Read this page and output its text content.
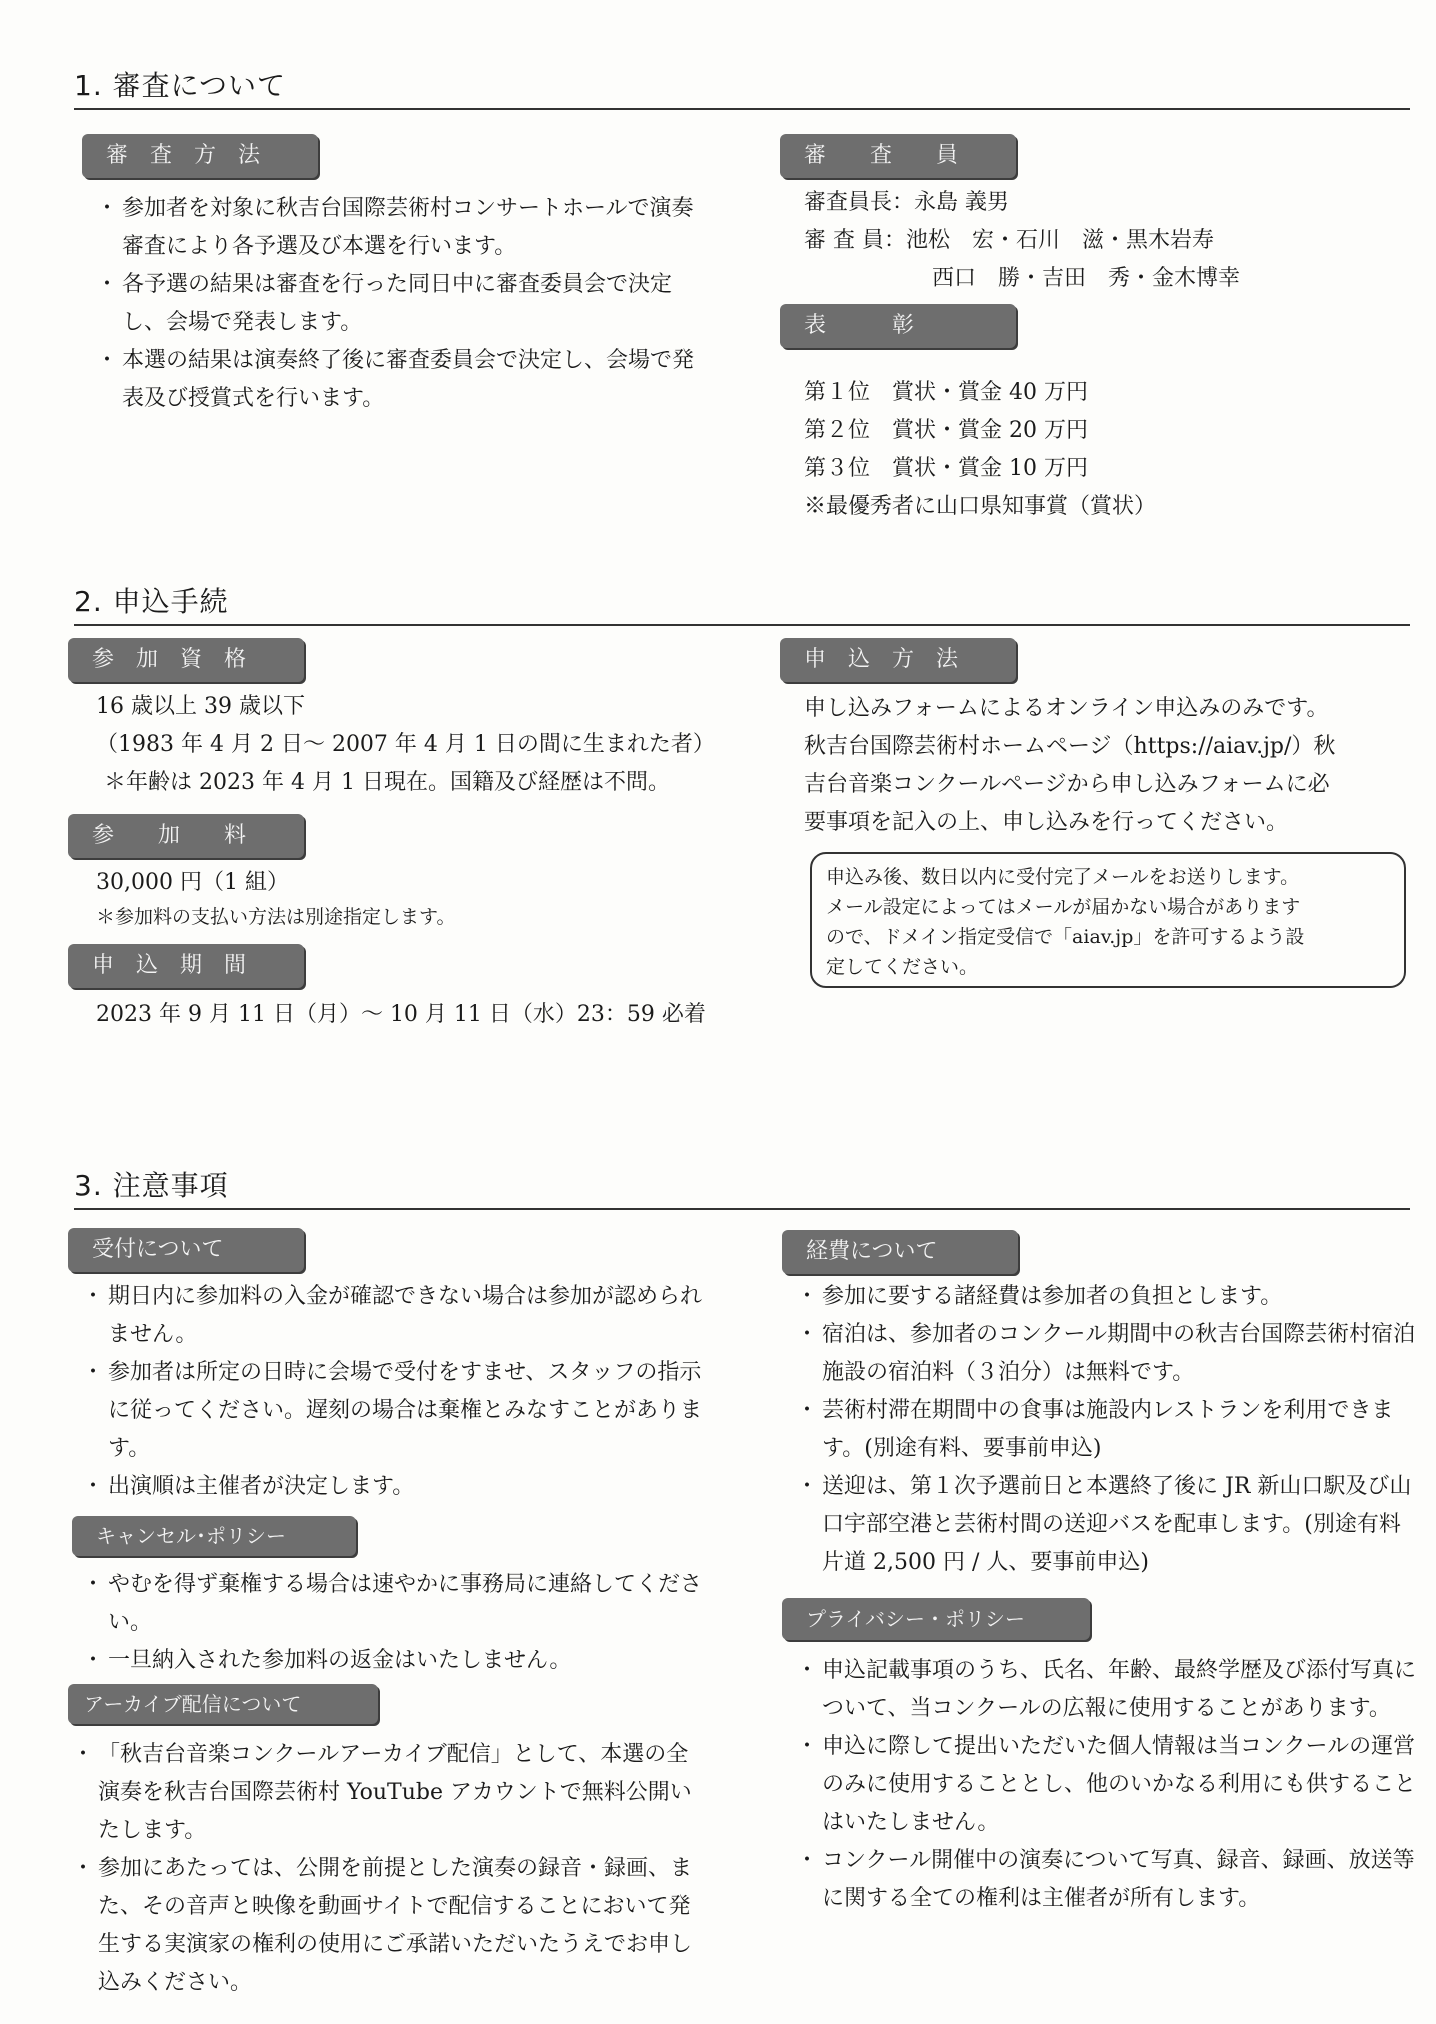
1. 審査について
審　査　方　法
・ 参加者を対象に秋吉台国際芸術村コンサートホールで演奏審査により各予選及び本選を行います。
・ 各予選の結果は審査を行った同日中に審査委員会で決定し、会場で発表します。
・ 本選の結果は演奏終了後に審査委員会で決定し、会場で発表及び授賞式を行います。
審　　査　　員
審査員長：永島 義男
審 査 員：池松　宏・石川　滋・黒木岩寿
西口　勝・吉田　秀・金木博幸
表　　　彰
第１位　賞状・賞金 40 万円
第２位　賞状・賞金 20 万円
第３位　賞状・賞金 10 万円
※最優秀者に山口県知事賞（賞状）
2. 申込手続
参　加　資　格
16 歳以上 39 歳以下
（1983 年 4 月 2 日～ 2007 年 4 月 1 日の間に生まれた者）
＊年齢は 2023 年 4 月 1 日現在。国籍及び経歴は不問。
参　　加　　料
30,000 円（1 組）
＊参加料の支払い方法は別途指定します。
申　込　期　間
2023 年 9 月 11 日（月）～ 10 月 11 日（水）23：59 必着
申　込　方　法
申し込みフォームによるオンライン申込みのみです。
秋吉台国際芸術村ホームページ（https://aiav.jp/）秋
吉台音楽コンクールページから申し込みフォームに必
要事項を記入の上、申し込みを行ってください。
申込み後、数日以内に受付完了メールをお送りします。
メール設定によってはメールが届かない場合があります
ので、ドメイン指定受信で「aiav.jp」を許可するよう設
定してください。
3. 注意事項
受付について
・ 期日内に参加料の入金が確認できない場合は参加が認められません。
・ 参加者は所定の日時に会場で受付をすませ、スタッフの指示に従ってください。遅刻の場合は棄権とみなすことがあります。
・ 出演順は主催者が決定します。
キャンセル･ポリシー
・ やむを得ず棄権する場合は速やかに事務局に連絡してください。
・ 一旦納入された参加料の返金はいたしません。
アーカイブ配信について
・ 「秋吉台音楽コンクールアーカイブ配信」として、本選の全演奏を秋吉台国際芸術村 YouTube アカウントで無料公開いたします。
・ 参加にあたっては、公開を前提とした演奏の録音・録画、また、その音声と映像を動画サイトで配信することにおいて発生する実演家の権利の使用にご承諾いただいたうえでお申し込みください。
経費について
・ 参加に要する諸経費は参加者の負担とします。
・ 宿泊は、参加者のコンクール期間中の秋吉台国際芸術村宿泊施設の宿泊料（３泊分）は無料です。
・ 芸術村滞在期間中の食事は施設内レストランを利用できます。(別途有料、要事前申込)
・ 送迎は、第１次予選前日と本選終了後に JR 新山口駅及び山口宇部空港と芸術村間の送迎バスを配車します。(別途有料　片道 2,500 円 / 人、要事前申込)
プライバシー・ポリシー
・ 申込記載事項のうち、氏名、年齢、最終学歴及び添付写真について、当コンクールの広報に使用することがあります。
・ 申込に際して提出いただいた個人情報は当コンクールの運営のみに使用することとし、他のいかなる利用にも供することはいたしません。
・ コンクール開催中の演奏について写真、録音、録画、放送等に関する全ての権利は主催者が所有します。
